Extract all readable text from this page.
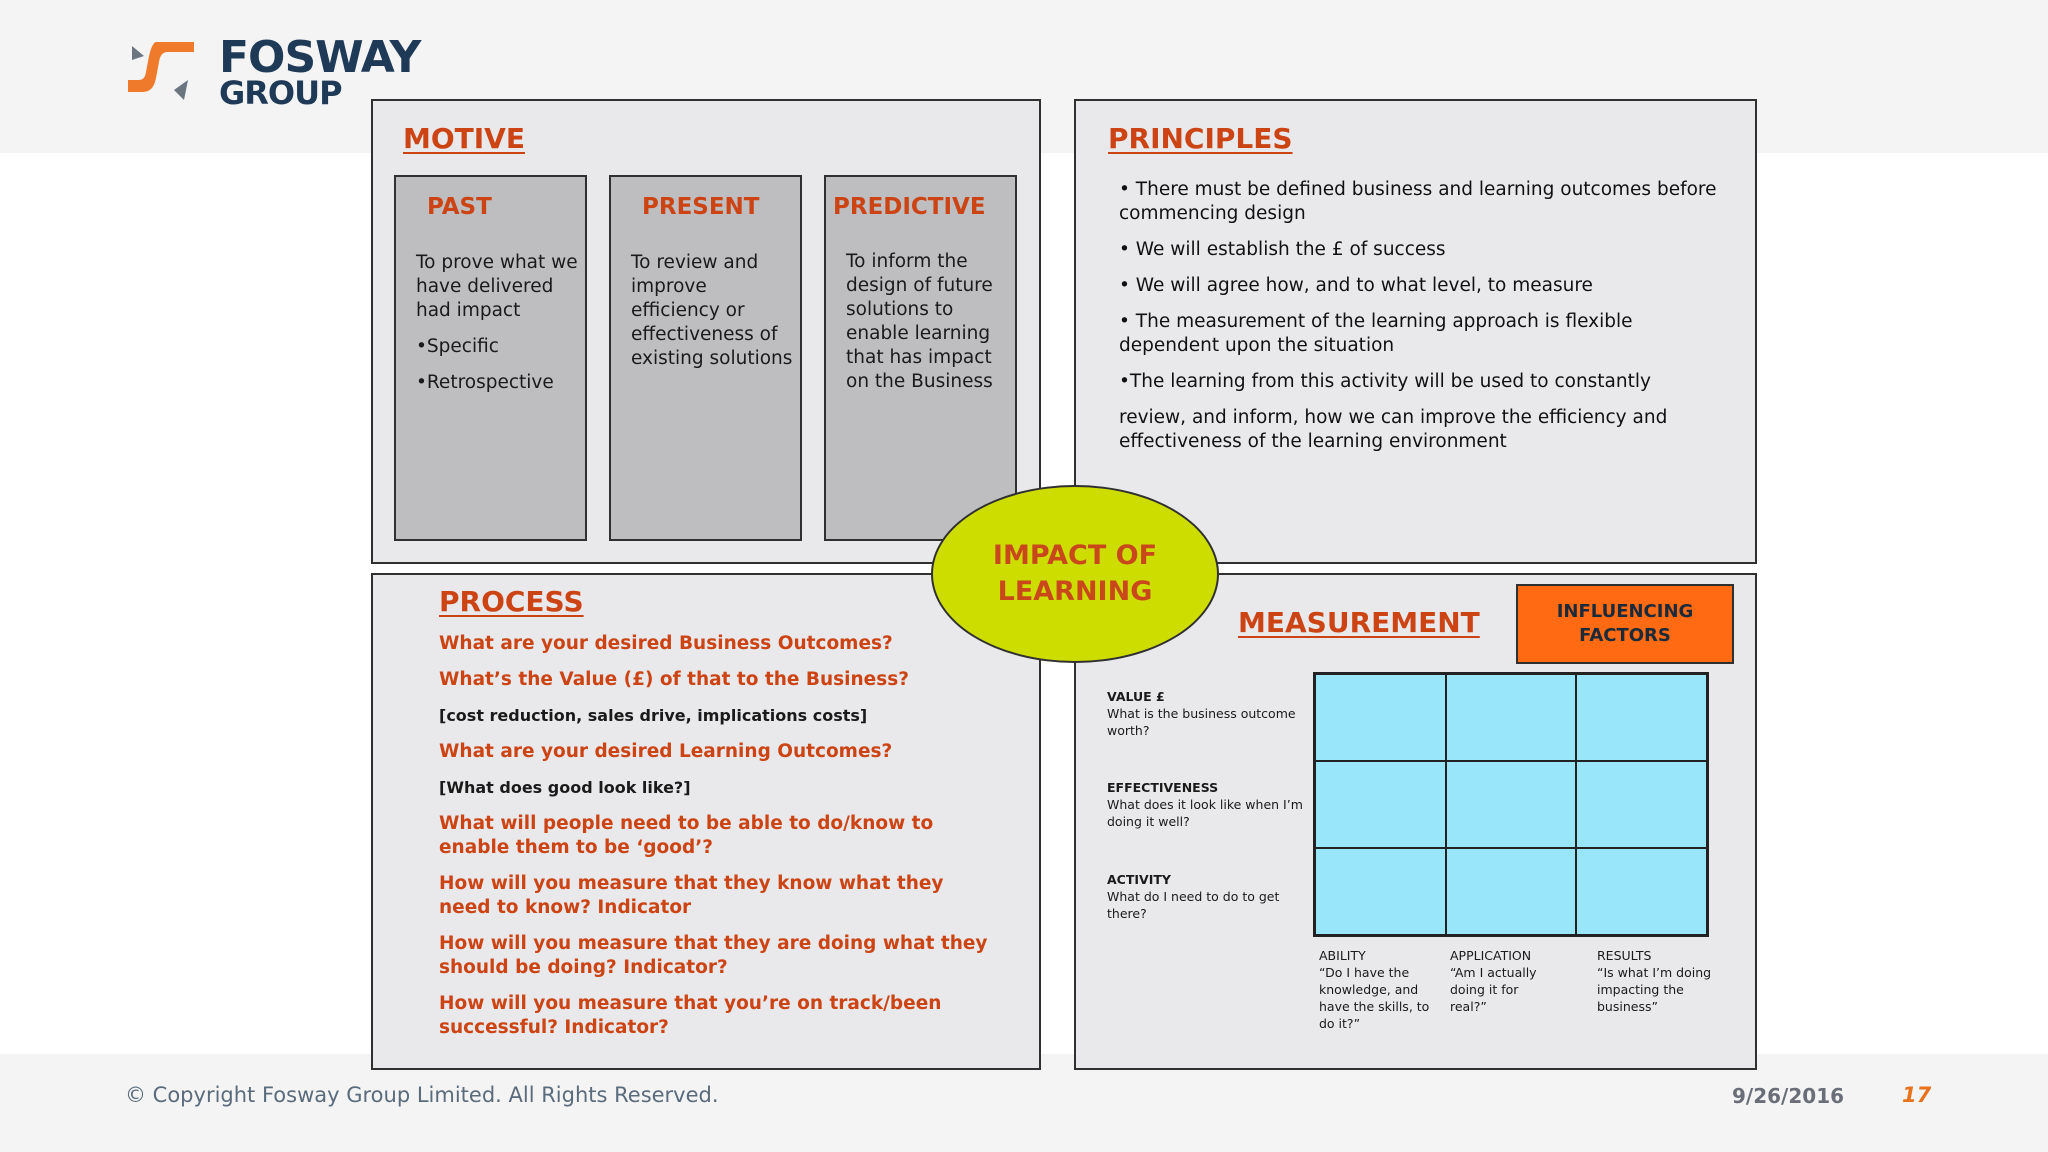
FOSWAY
GROUP
MOTIVE
PAST

To prove what we have delivered had impact

•Specific

•Retrospective

PRESENT

To review and improve efficiency or effectiveness of existing solutions

PREDICTIVE

To inform the design of future solutions to enable learning that has impact on the Business

PRINCIPLES

• There must be defined business and learning outcomes before commencing design

• We will establish the £ of success

• We will agree how, and to what level, to measure

• The measurement of the learning approach is flexible dependent upon the situation

•The learning from this activity will be used to constantly

review, and inform, how we can improve the efficiency and effectiveness of the learning environment

PROCESS

What are your desired Business Outcomes?

What’s the Value (£) of that to the Business?

[cost reduction, sales drive, implications costs]

What are your desired Learning Outcomes?

[What does good look like?]

What will people need to be able to do/know to enable them to be ‘good’?

How will you measure that they know what they need to know? Indicator

How will you measure that they are doing what they should be doing? Indicator?

How will you measure that you’re on track/been successful? Indicator?

MEASUREMENT	INFLUENCING
FACTORS
VALUE £
What is the business outcome worth?
EFFECTIVENESS
What does it look like when I’m doing it well?
ACTIVITY
What do I need to do to get there?
ABILITY
“Do I have the knowledge, and have the skills, to do it?”
APPLICATION
“Am I actually doing it for real?”
RESULTS
“Is what I’m doing impacting the business”
IMPACT OF
LEARNING
© Copyright Fosway Group Limited. All Rights Reserved.	9/26/2016	17
